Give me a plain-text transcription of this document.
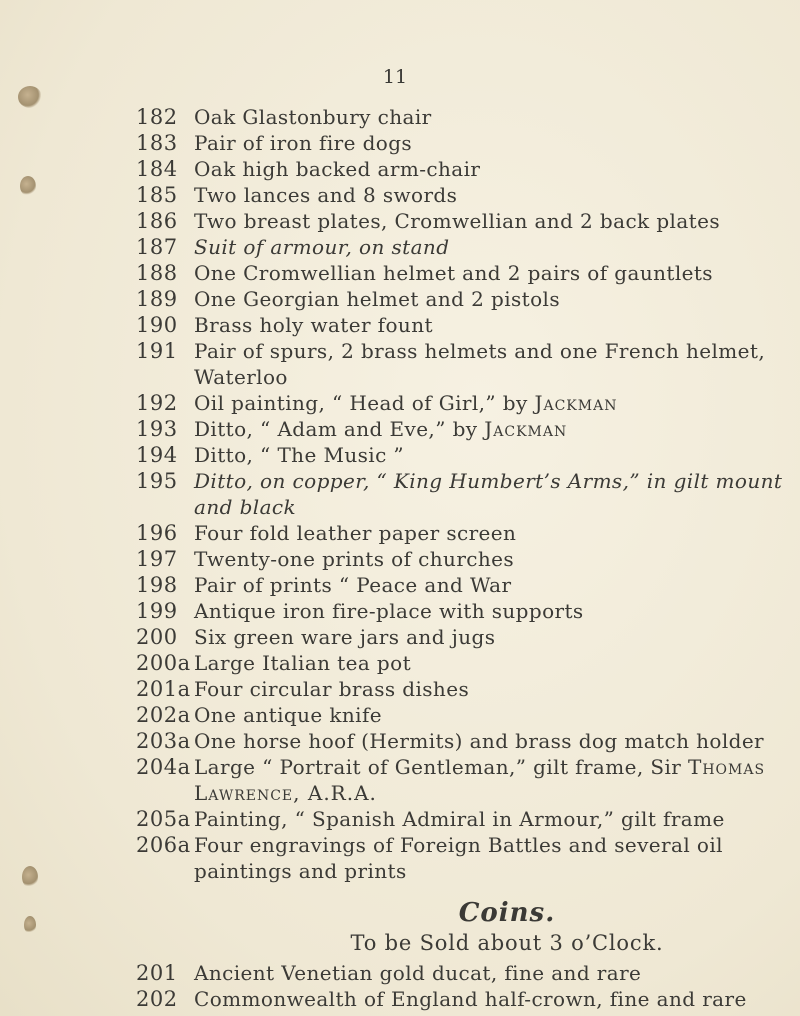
11
182 Oak Glastonbury chair
183 Pair of iron fire dogs
184 Oak high backed arm-chair
185 Two lances and 8 swords
186 Two breast plates, Cromwellian and 2 back plates
187 Suit of armour, on stand
188 One Cromwellian helmet and 2 pairs of gauntlets
189 One Georgian helmet and 2 pistols
190 Brass holy water fount
191 Pair of spurs, 2 brass helmets and one French helmet,
Waterloo
192 Oil painting, “ Head of Girl,” by Jackman
193 Ditto, “ Adam and Eve,” by Jackman
194 Ditto, “ The Music ”
195 Ditto, on copper, “ King Humbert’s Arms,” in gilt mount
and black
196 Four fold leather paper screen
197 Twenty-one prints of churches
198 Pair of prints “ Peace and War
199 Antique iron fire-place with supports
200 Six green ware jars and jugs
200a Large Italian tea pot
201a Four circular brass dishes
202a One antique knife
203a One horse hoof (Hermits) and brass dog match holder
204a Large “ Portrait of Gentleman,” gilt frame, Sir Thomas
Lawrence, A.R.A.
205a Painting, “ Spanish Admiral in Armour,” gilt frame
206a Four engravings of Foreign Battles and several oil
paintings and prints
Coins.
To be Sold about 3 o’Clock.
201 Ancient Venetian gold ducat, fine and rare
202 Commonwealth of England half-crown, fine and rare
